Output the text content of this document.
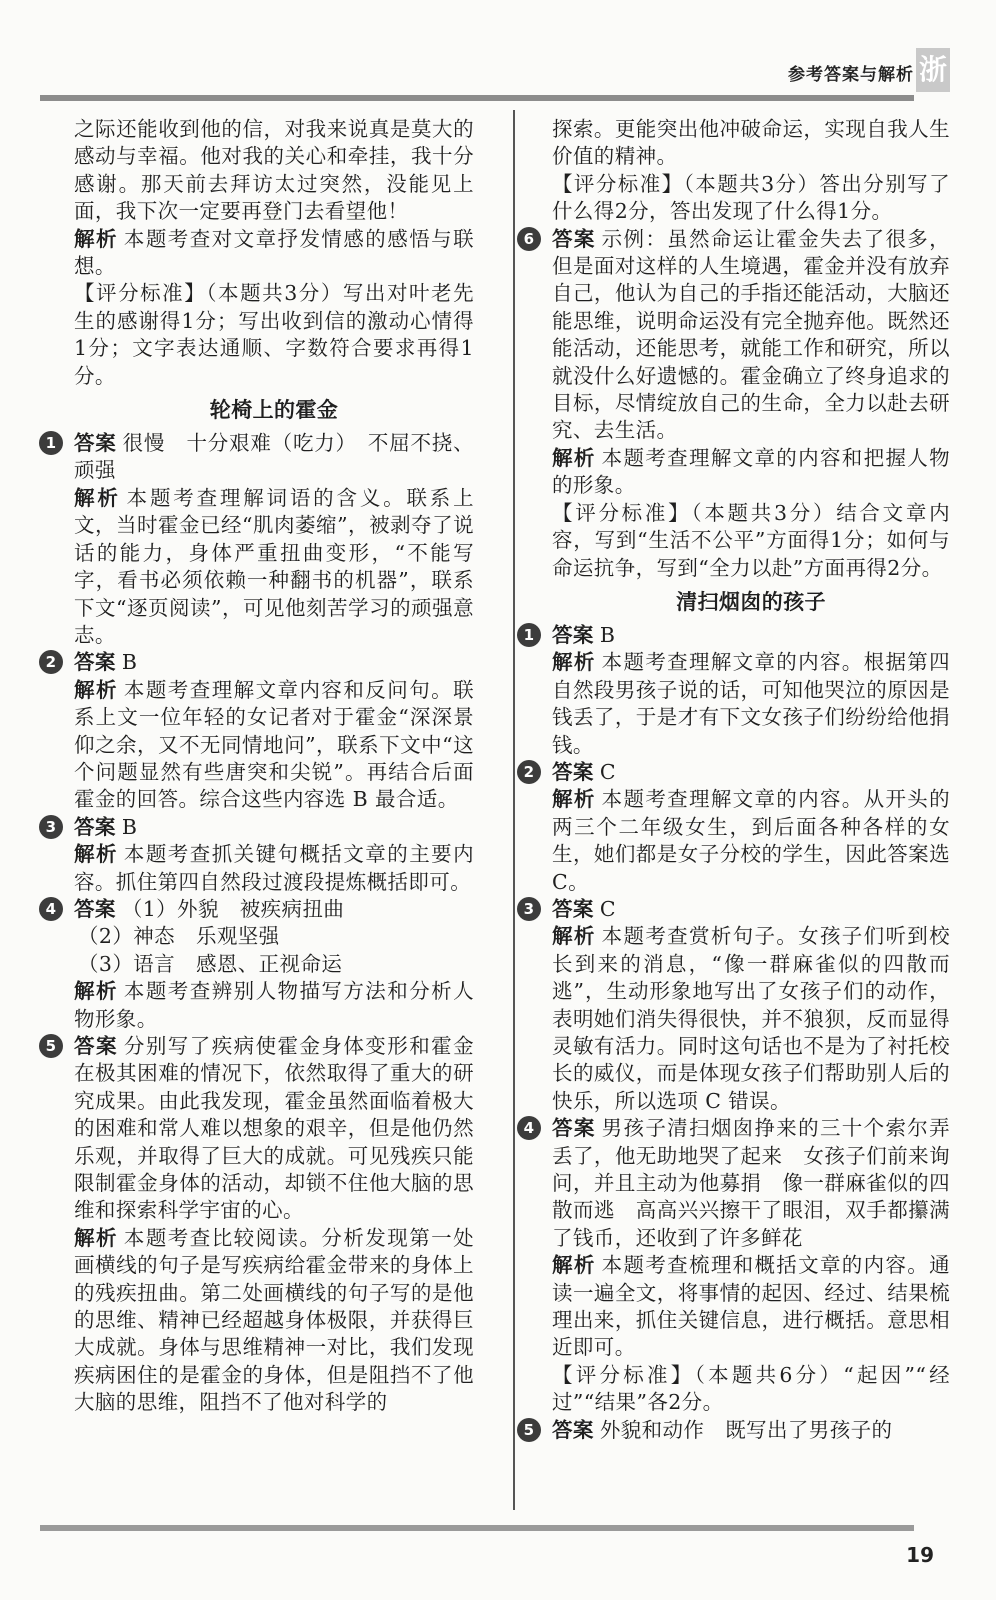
参考答案与解析 浙
之际还能收到他的信，对我来说真是莫大的感动与幸福。他对我的关心和牵挂，我十分感谢。那天前去拜访太过突然，没能见上面，我下次一定要再登门去看望他！
解析 本题考查对文章抒发情感的感悟与联想。
【评分标准】（本题共3分）写出对叶老先生的感谢得1分；写出收到信的激动心情得1分；文字表达通顺、字数符合要求再得1分。
轮椅上的霍金
1 答案 很慢　十分艰难（吃力）　不屈不挠、顽强
解析 本题考查理解词语的含义。联系上文，当时霍金已经“肌肉萎缩”，被剥夺了说话的能力，身体严重扭曲变形，“不能写字，看书必须依赖一种翻书的机器”，联系下文“逐页阅读”，可见他刻苦学习的顽强意志。
2 答案 B
解析 本题考查理解文章内容和反问句。联系上文一位年轻的女记者对于霍金“深深景仰之余，又不无同情地问”，联系下文中“这个问题显然有些唐突和尖锐”。再结合后面霍金的回答。综合这些内容选 B 最合适。
3 答案 B
解析 本题考查抓关键句概括文章的主要内容。抓住第四自然段过渡段提炼概括即可。
4 答案 （1）外貌　被疾病扭曲
（2）神态　乐观坚强
（3）语言　感恩、正视命运
解析 本题考查辨别人物描写方法和分析人物形象。
5 答案 分别写了疾病使霍金身体变形和霍金在极其困难的情况下，依然取得了重大的研究成果。由此我发现，霍金虽然面临着极大的困难和常人难以想象的艰辛，但是他仍然乐观，并取得了巨大的成就。可见残疾只能限制霍金身体的活动，却锁不住他大脑的思维和探索科学宇宙的心。
解析 本题考查比较阅读。分析发现第一处画横线的句子是写疾病给霍金带来的身体上的残疾扭曲。第二处画横线的句子写的是他的思维、精神已经超越身体极限，并获得巨大成就。身体与思维精神一对比，我们发现疾病困住的是霍金的身体，但是阻挡不了他大脑的思维，阻挡不了他对科学的
探索。更能突出他冲破命运，实现自我人生价值的精神。
【评分标准】（本题共3分）答出分别写了什么得2分，答出发现了什么得1分。
6 答案 示例：虽然命运让霍金失去了很多，但是面对这样的人生境遇，霍金并没有放弃自己，他认为自己的手指还能活动，大脑还能思维，说明命运没有完全抛弃他。既然还能活动，还能思考，就能工作和研究，所以就没什么好遗憾的。霍金确立了终身追求的目标，尽情绽放自己的生命，全力以赴去研究、去生活。
解析 本题考查理解文章的内容和把握人物的形象。
【评分标准】（本题共3分）结合文章内容，写到“生活不公平”方面得1分；如何与命运抗争，写到“全力以赴”方面再得2分。
清扫烟囱的孩子
1 答案 B
解析 本题考查理解文章的内容。根据第四自然段男孩子说的话，可知他哭泣的原因是钱丢了，于是才有下文女孩子们纷纷给他捐钱。
2 答案 C
解析 本题考查理解文章的内容。从开头的两三个二年级女生，到后面各种各样的女生，她们都是女子分校的学生，因此答案选 C。
3 答案 C
解析 本题考查赏析句子。女孩子们听到校长到来的消息，“像一群麻雀似的四散而逃”，生动形象地写出了女孩子们的动作，表明她们消失得很快，并不狼狈，反而显得灵敏有活力。同时这句话也不是为了衬托校长的威仪，而是体现女孩子们帮助别人后的快乐，所以选项 C 错误。
4 答案 男孩子清扫烟囱挣来的三十个索尔弄丢了，他无助地哭了起来　女孩子们前来询问，并且主动为他募捐　像一群麻雀似的四散而逃　高高兴兴擦干了眼泪，双手都攥满了钱币，还收到了许多鲜花
解析 本题考查梳理和概括文章的内容。通读一遍全文，将事情的起因、经过、结果梳理出来，抓住关键信息，进行概括。意思相近即可。
【评分标准】（本题共6分）“起因”“经过”“结果”各2分。
5 答案 外貌和动作　既写出了男孩子的
19
